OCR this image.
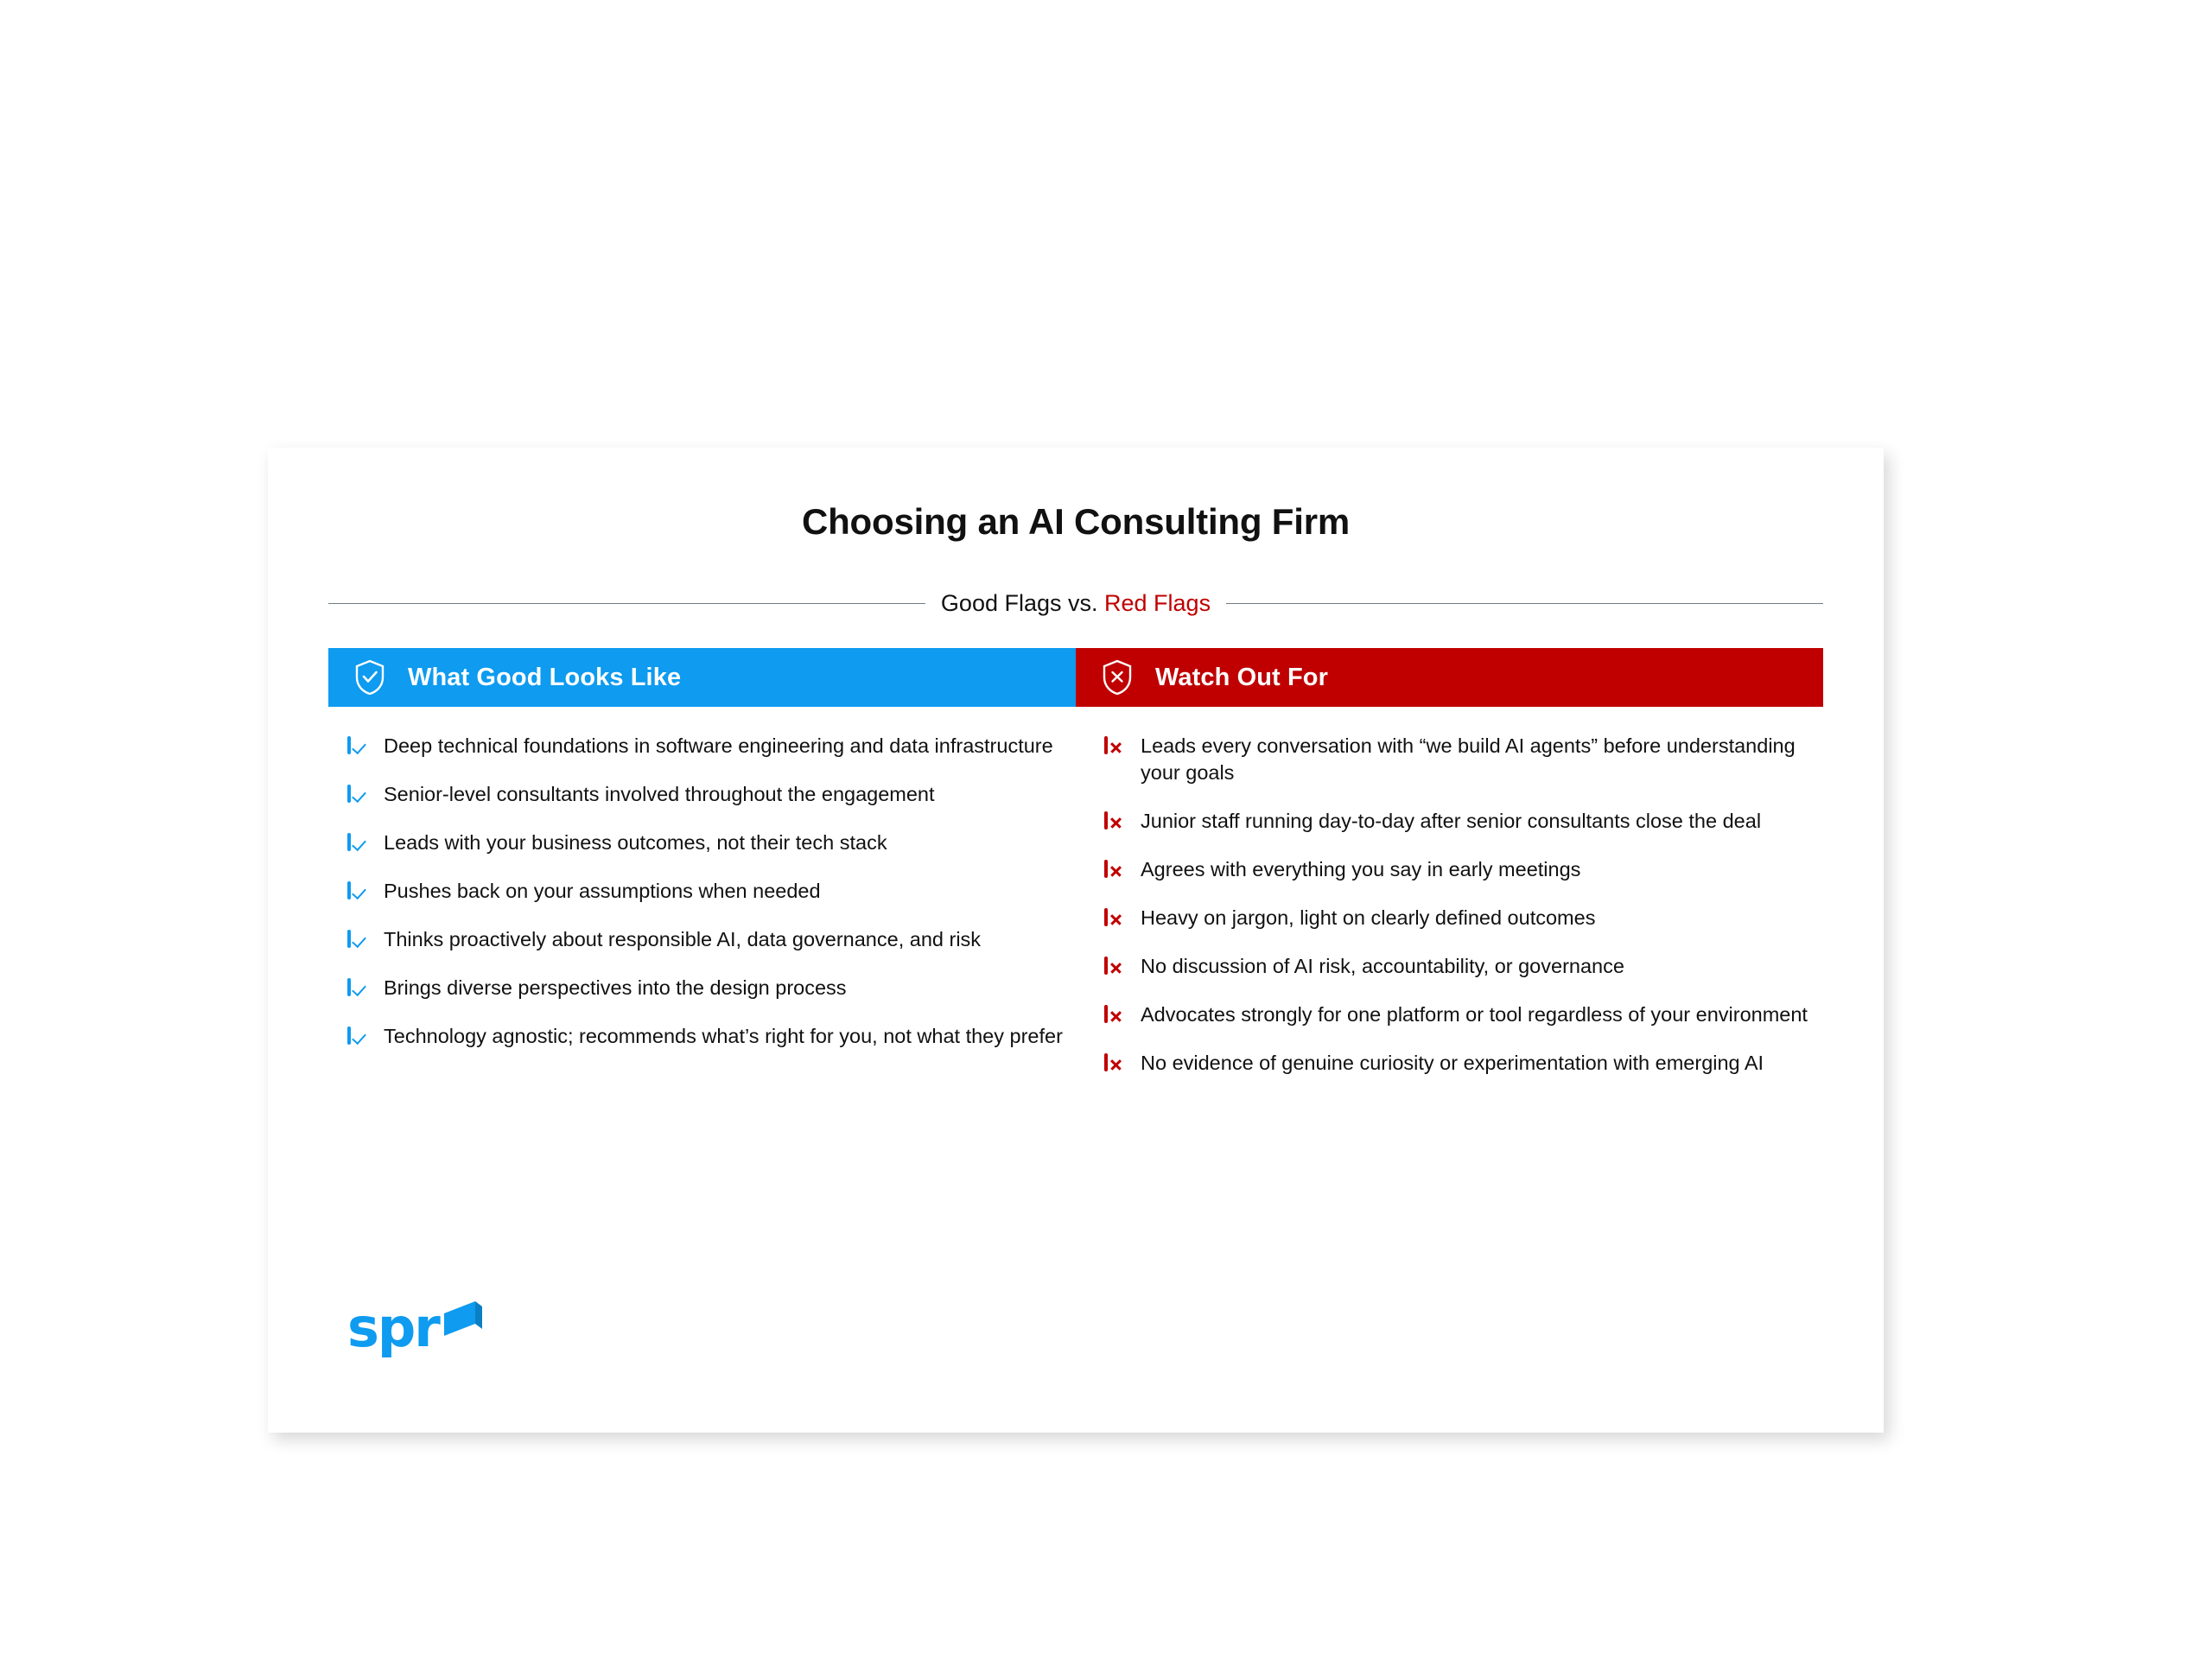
Choosing an AI Consulting Firm
Good Flags vs. Red Flags
What Good Looks Like	Watch Out For
Deep technical foundations in software engineering and data infrastructure
Senior-level consultants involved throughout the engagement
Leads with your business outcomes, not their tech stack
Pushes back on your assumptions when needed
Thinks proactively about responsible AI, data governance, and risk
Brings diverse perspectives into the design process
Technology agnostic; recommends what’s right for you, not what they prefer
Leads every conversation with “we build AI agents” before understanding your goals
Junior staff running day-to-day after senior consultants close the deal
Agrees with everything you say in early meetings
Heavy on jargon, light on clearly defined outcomes
No discussion of AI risk, accountability, or governance
Advocates strongly for one platform or tool regardless of your environment
No evidence of genuine curiosity or experimentation with emerging AI
spr
